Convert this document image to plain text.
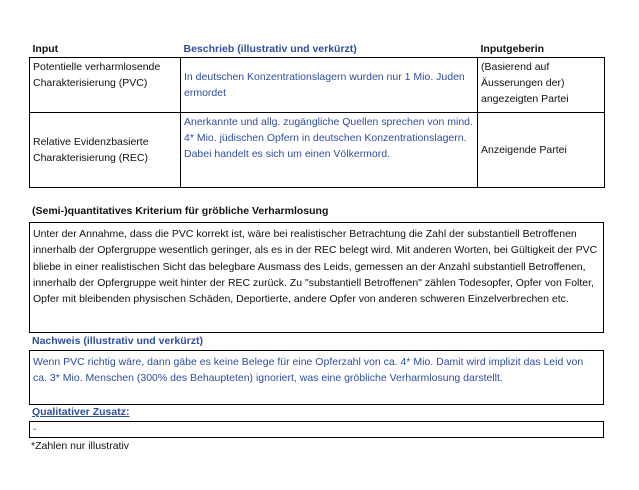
Input	Beschrieb (illustrativ und verkürzt)	Inputgeberin
Potentielle verharmlosende Charakterisierung (PVC)	In deutschen Konzentrationslagern wurden nur 1 Mio. Juden ermordet	(Basierend auf Äusserungen der) angezeigten Partei
Relative Evidenzbasierte Charakterisierung (REC)	Anerkannte und allg. zugängliche Quellen sprechen von mind. 4* Mio. jüdischen Opfern in deutschen Konzentrationslagern. Dabei handelt es sich um einen Völkermord.	Anzeigende Partei
(Semi-)quantitatives Kriterium für gröbliche Verharmlosung
Unter der Annahme, dass die PVC korrekt ist, wäre bei realistischer Betrachtung die Zahl der substantiell Betroffenen innerhalb der Opfergruppe wesentlich geringer, als es in der REC belegt wird. Mit anderen Worten, bei Gültigkeit der PVC bliebe in einer realistischen Sicht das belegbare Ausmass des Leids, gemessen an der Anzahl substantiell Betroffenen, innerhalb der Opfergruppe weit hinter der REC zurück. Zu "substantiell Betroffenen" zählen Todesopfer, Opfer von Folter, Opfer mit bleibenden physischen Schäden, Deportierte, andere Opfer von anderen schweren Einzelverbrechen etc.
Nachweis (illustrativ und verkürzt)
Wenn PVC richtig wäre, dann gäbe es keine Belege für eine Opferzahl von ca. 4* Mio. Damit wird implizit das Leid von ca. 3* Mio. Menschen (300% des Behaupteten) ignoriert, was eine gröbliche Verharmlosung darstellt.
Qualitativer Zusatz:
-
*Zahlen nur illustrativ
